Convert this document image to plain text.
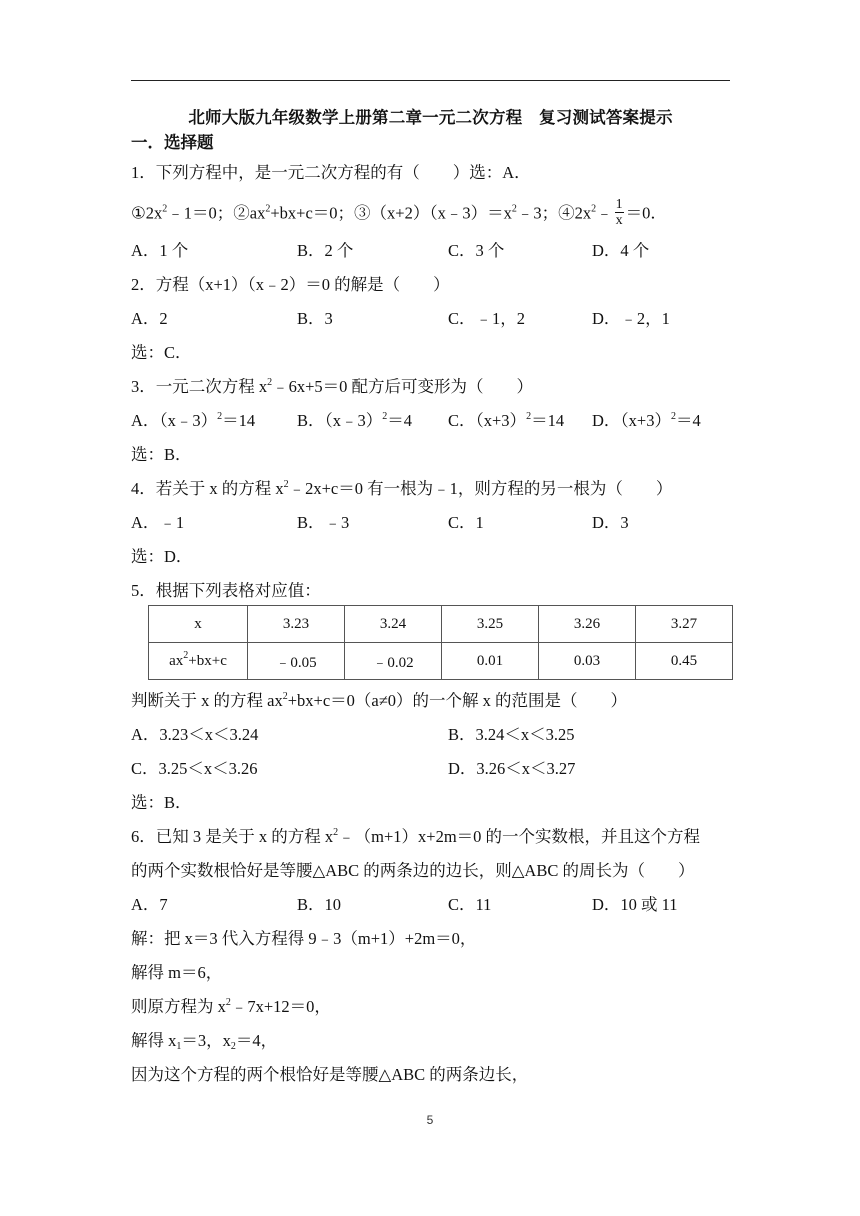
北师大版九年级数学上册第二章一元二次方程　复习测试答案提示
一．选择题
1．下列方程中，是一元二次方程的有（　　）选：A．
$①2x^2﹣1=0$；$②ax^2+bx+c=0$；$③(x+2)(x﹣3)=x^2﹣3$；$④2x^2﹣ \frac{1}{x} =0$．
A．1 个	B．2 个	C．3 个	D．4 个
2．方程（x+1）（x﹣2）＝0 的解是（　　）
A．2	B．3	C．﹣1，2	D．﹣2，1
选：C．
3．一元二次方程 $x^2﹣6x+5=0$ 配方后可变形为（　　）
A．（x﹣3）$^2$＝14	B．（x﹣3）$^2$＝4 C．$(x+3)^2=14$ D．$(x+3)^2=4$
选：B．
4．若关于 x 的方程 $x^2﹣2x+c=0$ 有一根为﹣1，则方程的另一根为（　　）
A．﹣1	B．﹣3	C．1	D．3
选：D．
5．根据下列表格对应值：
x	3.23	3.24	3.25	3.26	3.27
$ax^2+bx+c$	﹣0.05	﹣0.02	0.01	0.03	0.45
判断关于 x 的方程 $ax^2+bx+c=0(a\ne 0)$的一个解 x 的范围是（　　）
A．3.23＜x＜3.24	B．3.24＜x＜3.25
C．3.25＜x＜3.26	D．3.26＜x＜3.27
选：B．
6．已知 3 是关于 x 的方程 $x^2﹣(m+1)x+2m=0$ 的一个实数根，并且这个方程
的两个实数根恰好是等腰△ABC 的两条边的边长，则△ABC 的周长为（　　）
A．7	B．10	C．11	D．10 或 11
解：把 x＝3 代入方程得 9﹣3（m+1）+2m＝0，
解得 m＝6，
则原方程为 $x^2﹣7x+12=0$，
解得 $x_1=3$，$x_2=4$，
因为这个方程的两个根恰好是等腰△ABC 的两条边长，
5
